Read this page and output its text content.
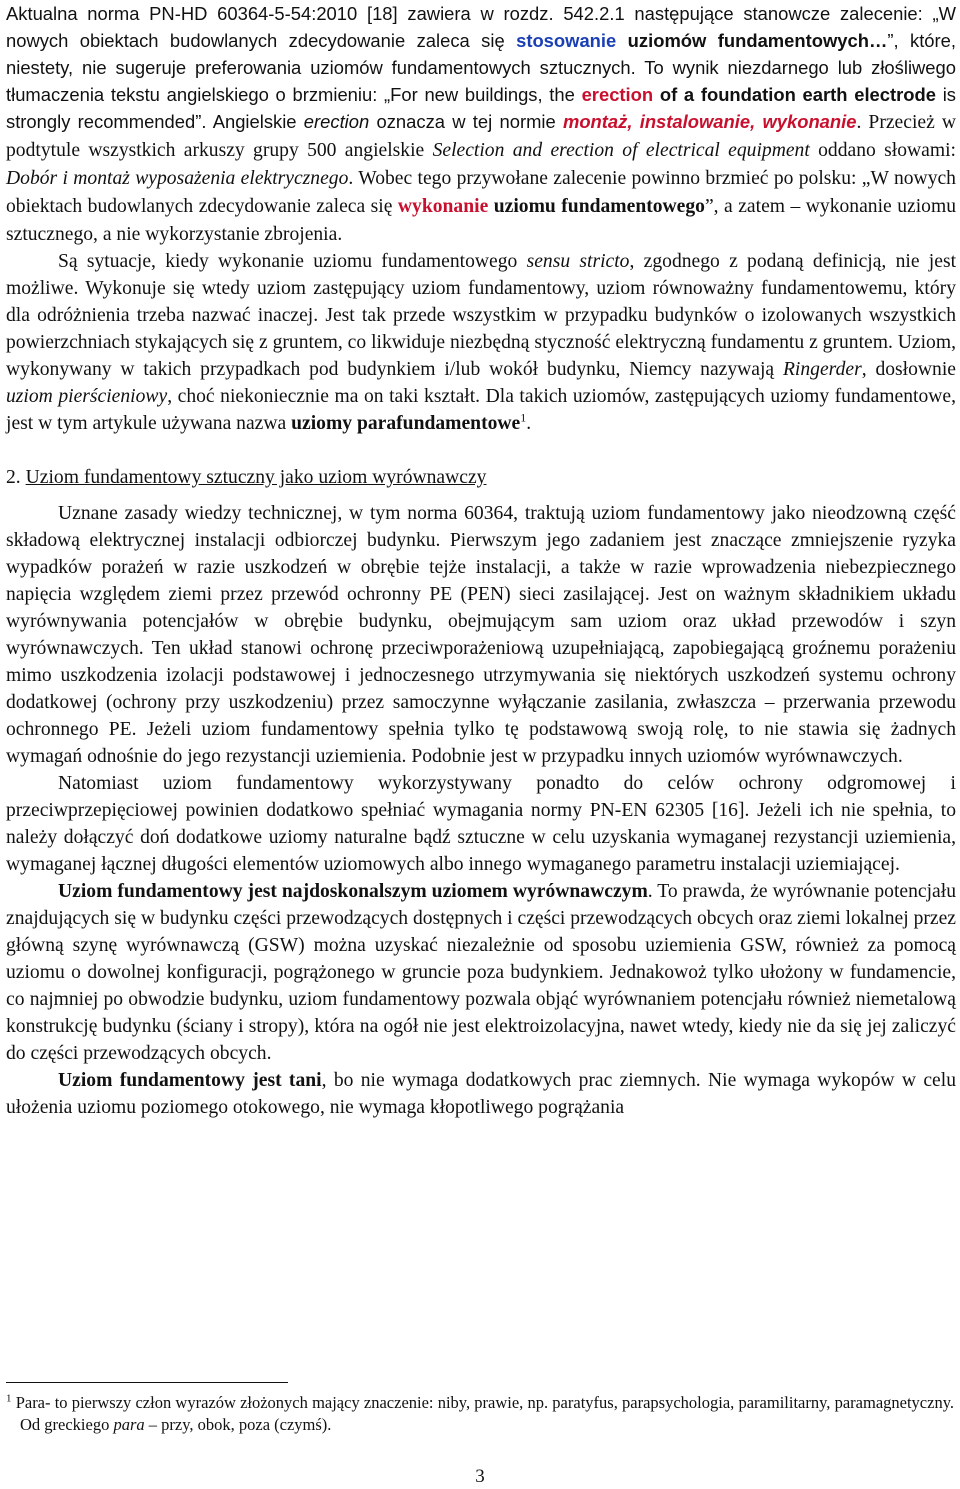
Aktualna norma PN-HD 60364-5-54:2010 [18] zawiera w rozdz. 542.2.1 następujące stanowcze zalecenie: „W nowych obiektach budowlanych zdecydowanie zaleca się stosowanie uziomów fundamentowych…”, które, niestety, nie sugeruje preferowania uziomów fundamentowych sztucznych. To wynik niezdarnego lub złośliwego tłumaczenia tekstu angielskiego o brzmieniu: „For new buildings, the erection of a foundation earth electrode is strongly recommended”. Angielskie erection oznacza w tej normie montaż, instalowanie, wykonanie. Przecież w podtytule wszystkich arkuszy grupy 500 angielskie Selection and erection of electrical equipment oddano słowami: Dobór i montaż wyposażenia elektrycznego. Wobec tego przywołane zalecenie powinno brzmieć po polsku: „W nowych obiektach budowlanych zdecydowanie zaleca się wykonanie uziomu fundamentowego”, a zatem – wykonanie uziomu sztucznego, a nie wykorzystanie zbrojenia.

Są sytuacje, kiedy wykonanie uziomu fundamentowego sensu stricto, zgodnego z podaną definicją, nie jest możliwe. Wykonuje się wtedy uziom zastępujący uziom fundamentowy, uziom równoważny fundamentowemu, który dla odróżnienia trzeba nazwać inaczej. Jest tak przede wszystkim w przypadku budynków o izolowanych wszystkich powierzchniach stykających się z gruntem, co likwiduje niezbędną styczność elektryczną fundamentu z gruntem. Uziom, wykonywany w takich przypadkach pod budynkiem i/lub wokół budynku, Niemcy nazywają Ringerder, dosłownie uziom pierścieniowy, choć niekoniecznie ma on taki kształt. Dla takich uziomów, zastępujących uziomy fundamentowe, jest w tym artykule używana nazwa uziomy parafundamentowe$^1$.

2. Uziom fundamentowy sztuczny jako uziom wyrównawczy

Uznane zasady wiedzy technicznej, w tym norma 60364, traktują uziom fundamentowy jako nieodzowną część składową elektrycznej instalacji odbiorczej budynku. Pierwszym jego zadaniem jest znaczące zmniejszenie ryzyka wypadków porażeń w razie uszkodzeń w obrębie tejże instalacji, a także w razie wprowadzenia niebezpiecznego napięcia względem ziemi przez przewód ochronny PE (PEN) sieci zasilającej. Jest on ważnym składnikiem układu wyrównywania potencjałów w obrębie budynku, obejmującym sam uziom oraz układ przewodów i szyn wyrównawczych. Ten układ stanowi ochronę przeciwporażeniową uzupełniającą, zapobiegającą groźnemu porażeniu mimo uszkodzenia izolacji podstawowej i jednoczesnego utrzymywania się niektórych uszkodzeń systemu ochrony dodatkowej (ochrony przy uszkodzeniu) przez samoczynne wyłączanie zasilania, zwłaszcza – przerwania przewodu ochronnego PE. Jeżeli uziom fundamentowy spełnia tylko tę podstawową swoją rolę, to nie stawia się żadnych wymagań odnośnie do jego rezystancji uziemienia. Podobnie jest w przypadku innych uziomów wyrównawczych.

Natomiast uziom fundamentowy wykorzystywany ponadto do celów ochrony odgromowej i przeciwprzepięciowej powinien dodatkowo spełniać wymagania normy PN-EN 62305 [16]. Jeżeli ich nie spełnia, to należy dołączyć doń dodatkowe uziomy naturalne bądź sztuczne w celu uzyskania wymaganej rezystancji uziemienia, wymaganej łącznej długości elementów uziomowych albo innego wymaganego parametru instalacji uziemiającej.

Uziom fundamentowy jest najdoskonalszym uziomem wyrównawczym. To prawda, że wyrównanie potencjału znajdujących się w budynku części przewodzących dostępnych i części przewodzących obcych oraz ziemi lokalnej przez główną szynę wyrównawczą (GSW) można uzyskać niezależnie od sposobu uziemienia GSW, również za pomocą uziomu o dowolnej konfiguracji, pogrążonego w gruncie poza budynkiem. Jednakowoż tylko ułożony w fundamencie, co najmniej po obwodzie budynku, uziom fundamentowy pozwala objąć wyrównaniem potencjału również niemetalową konstrukcję budynku (ściany i stropy), która na ogół nie jest elektroizolacyjna, nawet wtedy, kiedy nie da się jej zaliczyć do części przewodzących obcych.

Uziom fundamentowy jest tani, bo nie wymaga dodatkowych prac ziemnych. Nie wymaga wykopów w celu ułożenia uziomu poziomego otokowego, nie wymaga kłopotliwego pogrążania

$^1$ Para- to pierwszy człon wyrazów złożonych mający znaczenie: niby, prawie, np. paratyfus, parapsychologia, paramilitarny, paramagnetyczny. Od greckiego para – przy, obok, poza (czymś).

3
